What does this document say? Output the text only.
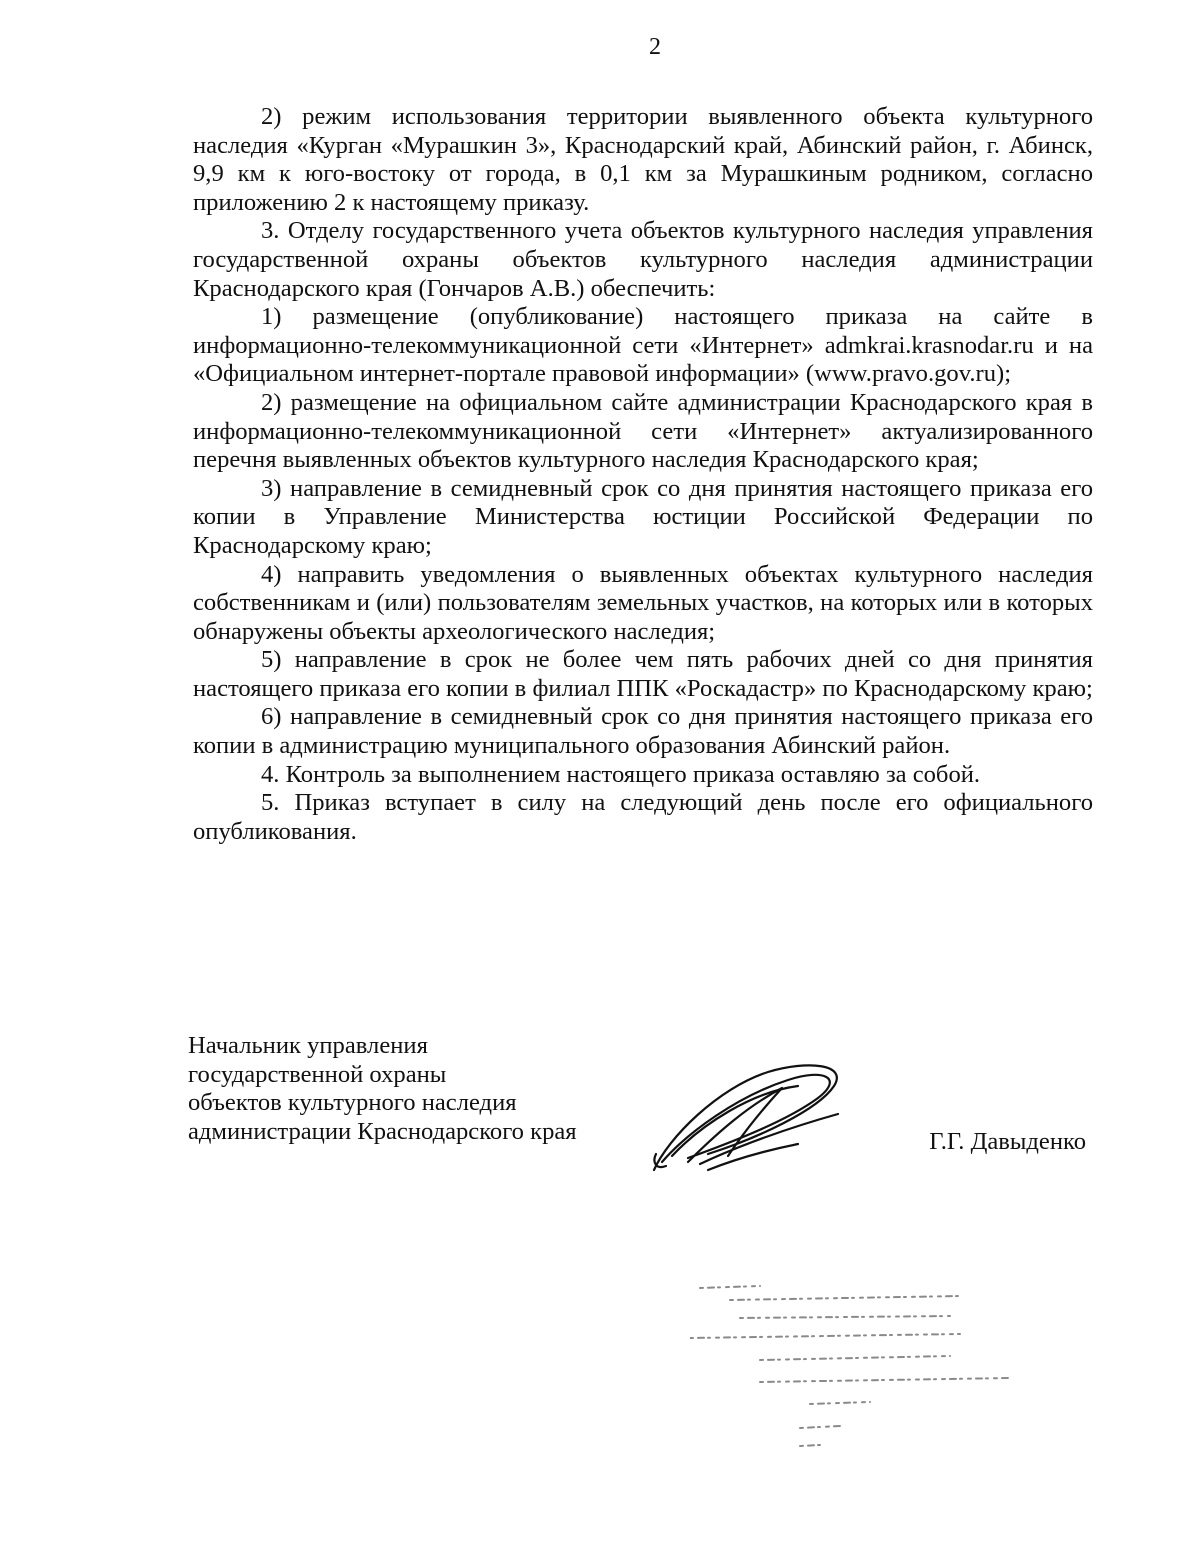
2

2) режим использования территории выявленного объекта культурного наследия «Курган «Мурашкин 3», Краснодарский край, Абинский район, г. Абинск, 9,9 км к юго-востоку от города, в 0,1 км за Мурашкиным родником, согласно приложению 2 к настоящему приказу.

3. Отделу государственного учета объектов культурного наследия управления государственной охраны объектов культурного наследия администрации Краснодарского края (Гончаров А.В.) обеспечить:

1) размещение (опубликование) настоящего приказа на сайте в информационно-телекоммуникационной сети «Интернет» admkrai.krasnodar.ru и на «Официальном интернет-портале правовой информации» (www.pravo.gov.ru);

2) размещение на официальном сайте администрации Краснодарского края в информационно-телекоммуникационной сети «Интернет» актуализированного перечня выявленных объектов культурного наследия Краснодарского края;

3) направление в семидневный срок со дня принятия настоящего приказа его копии в Управление Министерства юстиции Российской Федерации по Краснодарскому краю;

4) направить уведомления о выявленных объектах культурного наследия собственникам и (или) пользователям земельных участков, на которых или в которых обнаружены объекты археологического наследия;

5) направление в срок не более чем пять рабочих дней со дня принятия настоящего приказа его копии в филиал ППК «Роскадастр» по Краснодарскому краю;

6) направление в семидневный срок со дня принятия настоящего приказа его копии в администрацию муниципального образования Абинский район.

4. Контроль за выполнением настоящего приказа оставляю за собой.

5. Приказ вступает в силу на следующий день после его официального опубликования.

Начальник управления
государственной охраны
объектов культурного наследия
администрации Краснодарского края	Г.Г. Давыденко
